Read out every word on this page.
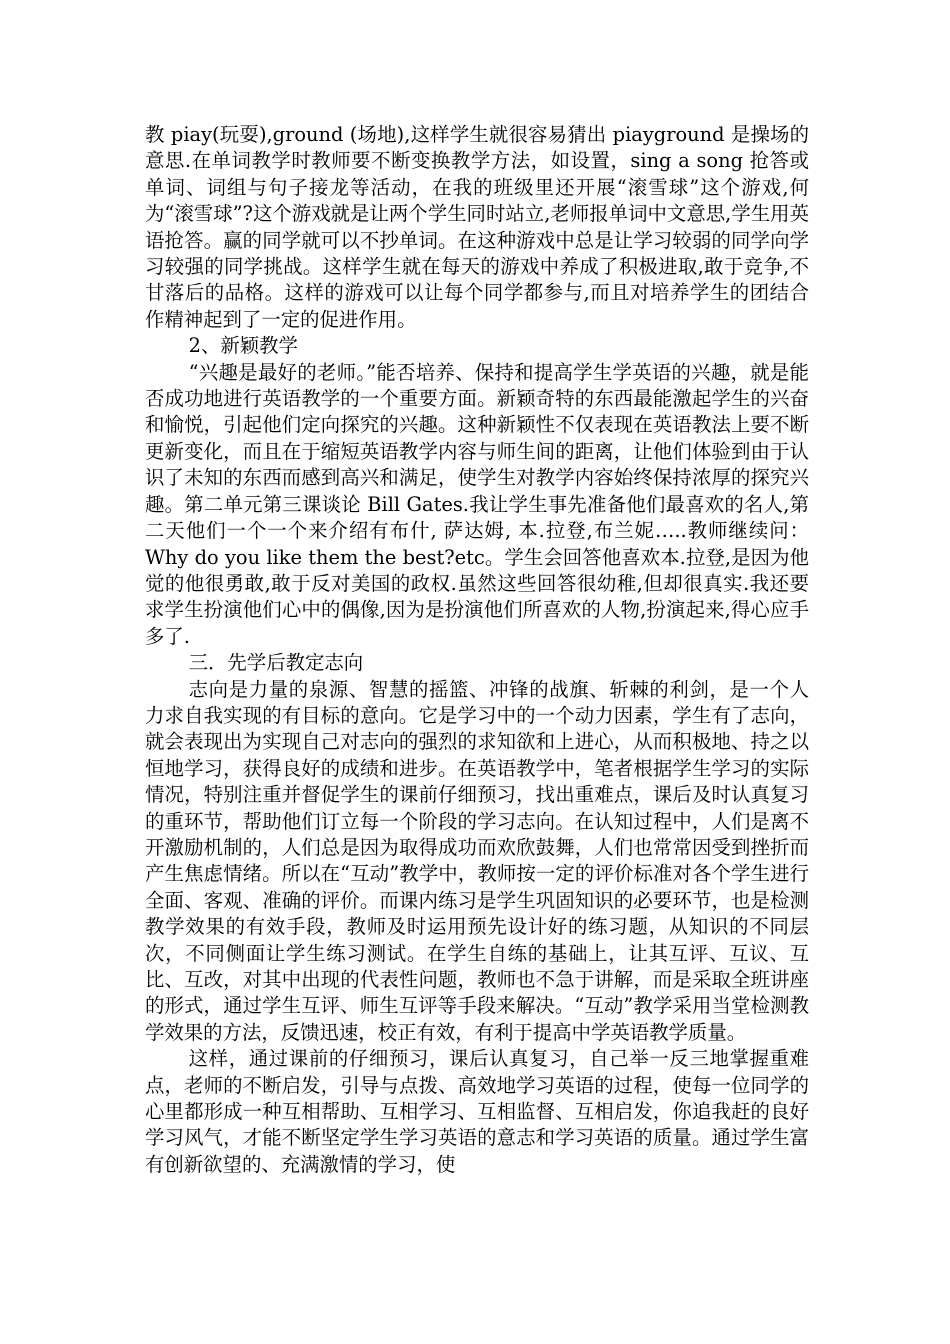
教 piay(玩耍),ground (场地),这样学生就很容易猜出 piayground 是操场的意思.在单词教学时教师要不断变换教学方法，如设置，sing a song 抢答或单词、词组与句子接龙等活动，在我的班级里还开展“滚雪球”这个游戏,何为“滚雪球”?这个游戏就是让两个学生同时站立,老师报单词中文意思,学生用英语抢答。赢的同学就可以不抄单词。在这种游戏中总是让学习较弱的同学向学习较强的同学挑战。这样学生就在每天的游戏中养成了积极进取,敢于竞争,不甘落后的品格。这样的游戏可以让每个同学都参与,而且对培养学生的团结合作精神起到了一定的促进作用。

2、新颖教学

“兴趣是最好的老师。”能否培养、保持和提高学生学英语的兴趣，就是能否成功地进行英语教学的一个重要方面。新颖奇特的东西最能激起学生的兴奋和愉悦，引起他们定向探究的兴趣。这种新颖性不仅表现在英语教法上要不断更新变化，而且在于缩短英语教学内容与师生间的距离，让他们体验到由于认识了未知的东西而感到高兴和满足，使学生对教学内容始终保持浓厚的探究兴趣。第二单元第三课谈论 Bill Gates.我让学生事先准备他们最喜欢的名人,第二天他们一个一个来介绍有布什, 萨达姆, 本.拉登,布兰妮…..教师继续问：Why do you like them the best?etc。学生会回答他喜欢本.拉登,是因为他觉的他很勇敢,敢于反对美国的政权.虽然这些回答很幼稚,但却很真实.我还要求学生扮演他们心中的偶像,因为是扮演他们所喜欢的人物,扮演起来,得心应手多了.

三．先学后教定志向

志向是力量的泉源、智慧的摇篮、冲锋的战旗、斩棘的利剑，是一个人力求自我实现的有目标的意向。它是学习中的一个动力因素，学生有了志向，就会表现出为实现自己对志向的强烈的求知欲和上进心，从而积极地、持之以恒地学习，获得良好的成绩和进步。在英语教学中，笔者根据学生学习的实际情况，特别注重并督促学生的课前仔细预习，找出重难点，课后及时认真复习的重环节，帮助他们订立每一个阶段的学习志向。在认知过程中，人们是离不开激励机制的，人们总是因为取得成功而欢欣鼓舞，人们也常常因受到挫折而产生焦虑情绪。所以在“互动”教学中，教师按一定的评价标准对各个学生进行全面、客观、准确的评价。而课内练习是学生巩固知识的必要环节，也是检测教学效果的有效手段，教师及时运用预先设计好的练习题，从知识的不同层次，不同侧面让学生练习测试。在学生自练的基础上，让其互评、互议、互比、互改，对其中出现的代表性问题，教师也不急于讲解，而是采取全班讲座的形式，通过学生互评、师生互评等手段来解决。“互动”教学采用当堂检测教学效果的方法，反馈迅速，校正有效，有利于提高中学英语教学质量。

这样，通过课前的仔细预习，课后认真复习，自己举一反三地掌握重难点，老师的不断启发，引导与点拨、高效地学习英语的过程，使每一位同学的心里都形成一种互相帮助、互相学习、互相监督、互相启发，你追我赶的良好学习风气，才能不断坚定学生学习英语的意志和学习英语的质量。通过学生富有创新欲望的、充满激情的学习，使
